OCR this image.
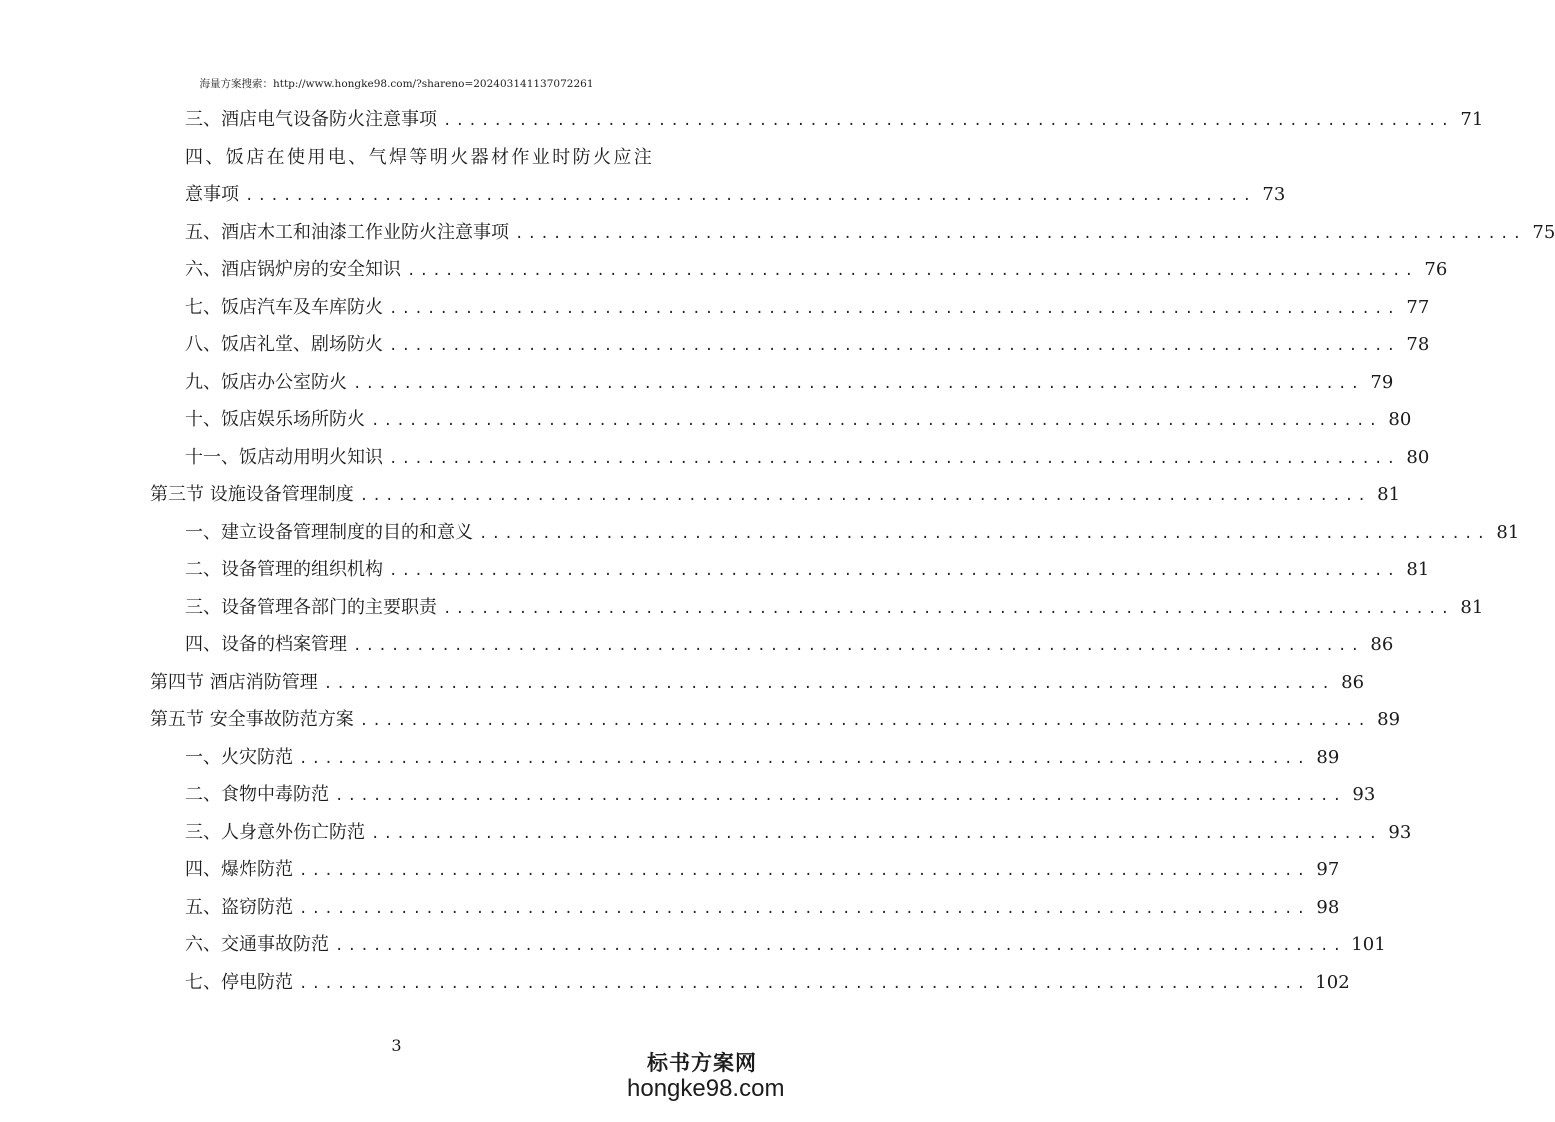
海量方案搜索：http://www.hongke98.com/?shareno=20240314113707226​1
三、酒店电气设备防火注意事项 ................................................................................ 71
四、饭店在使用电、气焊等明火器材作业时防火应注
意事项 ................................................................................ 73
五、酒店木工和油漆工作业防火注意事项 ................................................................................ 75
六、酒店锅炉房的安全知识 ................................................................................ 76
七、饭店汽车及车库防火 ................................................................................ 77
八、饭店礼堂、剧场防火 ................................................................................ 78
九、饭店办公室防火 ................................................................................ 79
十、饭店娱乐场所防火 ................................................................................ 80
十一、饭店动用明火知识 ................................................................................ 80
第三节 设施设备管理制度 ................................................................................ 81
一、建立设备管理制度的目的和意义 ................................................................................ 81
二、设备管理的组织机构 ................................................................................ 81
三、设备管理各部门的主要职责 ................................................................................ 81
四、设备的档案管理 ................................................................................ 86
第四节 酒店消防管理 ................................................................................ 86
第五节 安全事故防范方案 ................................................................................ 89
一、火灾防范 ................................................................................ 89
二、食物中毒防范 ................................................................................ 93
三、人身意外伤亡防范 ................................................................................ 93
四、爆炸防范 ................................................................................ 97
五、盗窃防范 ................................................................................ 98
六、交通事故防范 ................................................................................ 101
七、停电防范 ................................................................................ 102
3
标书方案网
hongke98.com
